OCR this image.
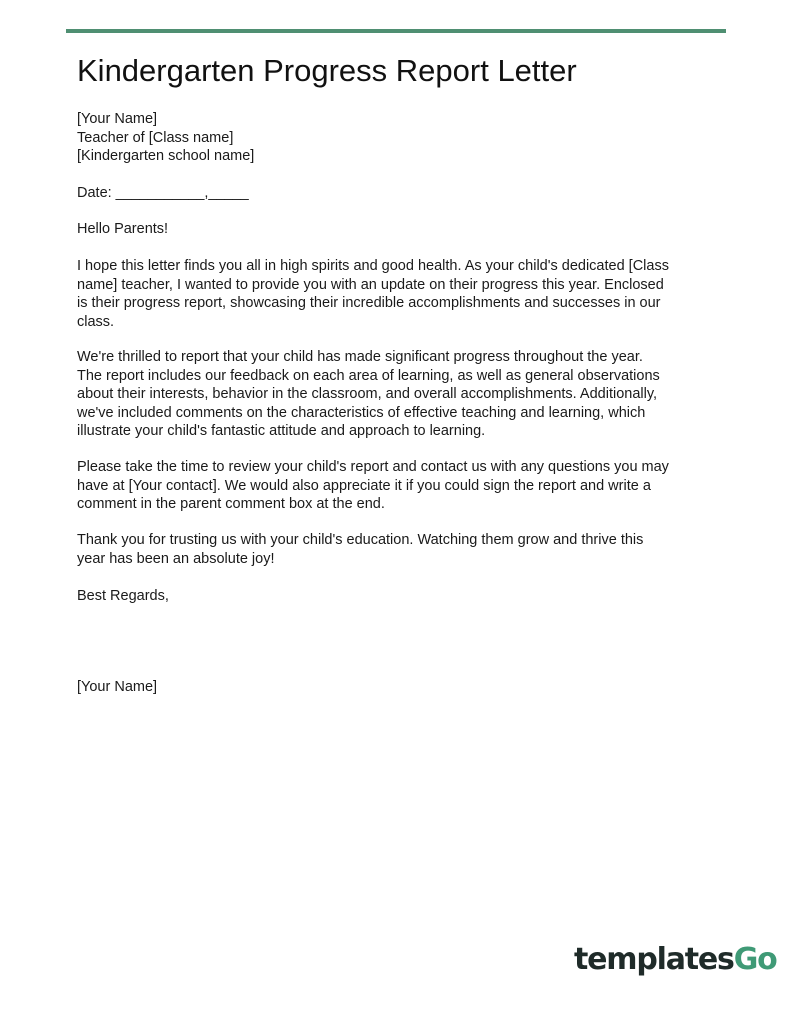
Kindergarten Progress Report Letter

[Your Name]
Teacher of [Class name]
[Kindergarten school name]

Date: ___________,_____

Hello Parents!

I hope this letter finds you all in high spirits and good health. As your child's dedicated [Class
name] teacher, I wanted to provide you with an update on their progress this year. Enclosed
is their progress report, showcasing their incredible accomplishments and successes in our
class.

We're thrilled to report that your child has made significant progress throughout the year.
The report includes our feedback on each area of learning, as well as general observations
about their interests, behavior in the classroom, and overall accomplishments. Additionally,
we've included comments on the characteristics of effective teaching and learning, which
illustrate your child's fantastic attitude and approach to learning.

Please take the time to review your child's report and contact us with any questions you may
have at [Your contact]. We would also appreciate it if you could sign the report and write a
comment in the parent comment box at the end.

Thank you for trusting us with your child's education. Watching them grow and thrive this
year has been an absolute joy!

Best Regards,

[Your Name]

templatesGo
